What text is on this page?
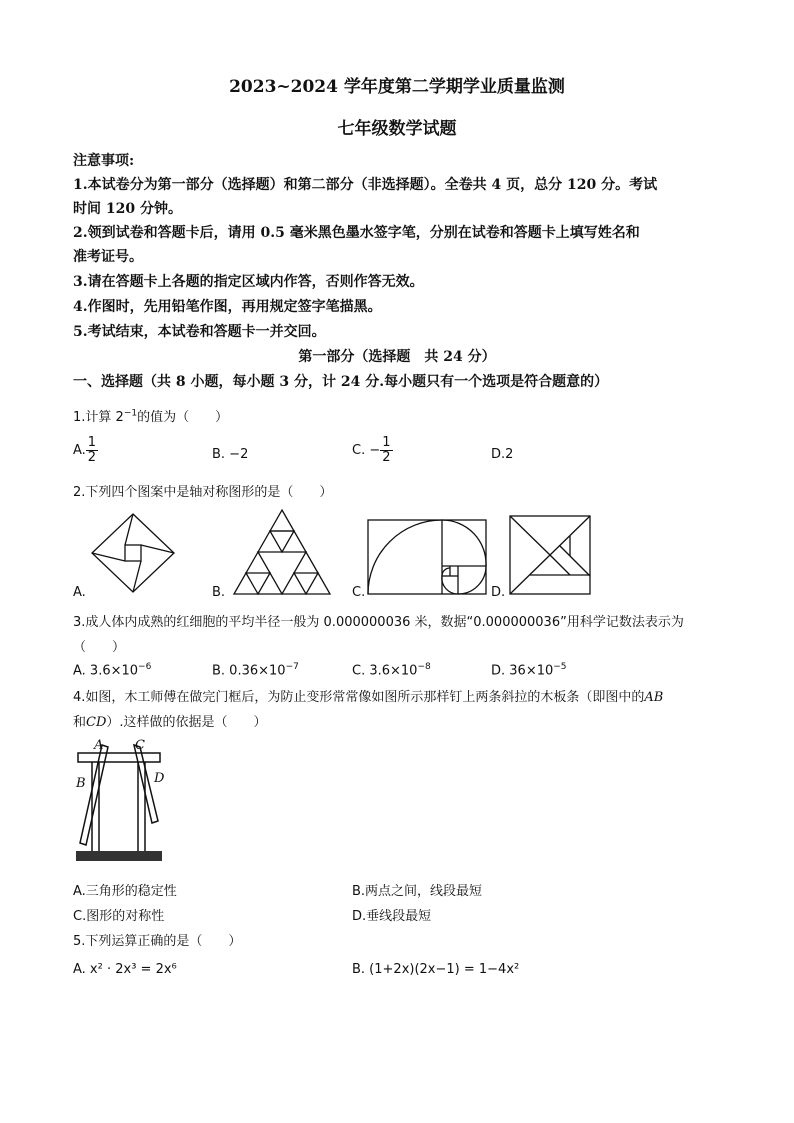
2023~2024 学年度第二学期学业质量监测
七年级数学试题
注意事项:
1.本试卷分为第一部分（选择题）和第二部分（非选择题）。全卷共 4 页，总分 120 分。考试
时间 120 分钟。
2.领到试卷和答题卡后，请用 0.5 毫米黑色墨水签字笔，分别在试卷和答题卡上填写姓名和
准考证号。
3.请在答题卡上各题的指定区域内作答，否则作答无效。
4.作图时，先用铅笔作图，再用规定签字笔描黑。
5.考试结束，本试卷和答题卡一并交回。
第一部分（选择题　共 24 分）
一、选择题（共 8 小题，每小题 3 分，计 24 分.每小题只有一个选项是符合题意的）
1.计算 $2^{-1}$的值为（　　）
A. $\frac{1}{2}$	B. −2	C. − $\frac{1}{2}$	D.2
2.下列四个图案中是轴对称图形的是（　　）
A.	B.	C.	D.
3.成人体内成熟的红细胞的平均半径一般为 0.000000036 米，数据“0.000000036”用科学记数法表示为
（　　）
A. $3.6\times 10^{-6}$	B. $0.36\times 10^{-7}$	C. $3.6\times 10^{-8}$	D. $36\times 10^{-5}$
4.如图，木工师傅在做完门框后，为防止变形常常像如图所示那样钉上两条斜拉的木板条（即图中的AB
和CD）.这样做的依据是（　　）
A
B
C
D
A.三角形的稳定性	B.两点之间，线段最短
C.图形的对称性	D.垂线段最短
5.下列运算正确的是（　　）
A. x² · 2x³ = 2x⁶	B. (1+2x)(2x−1) = 1−4x²
